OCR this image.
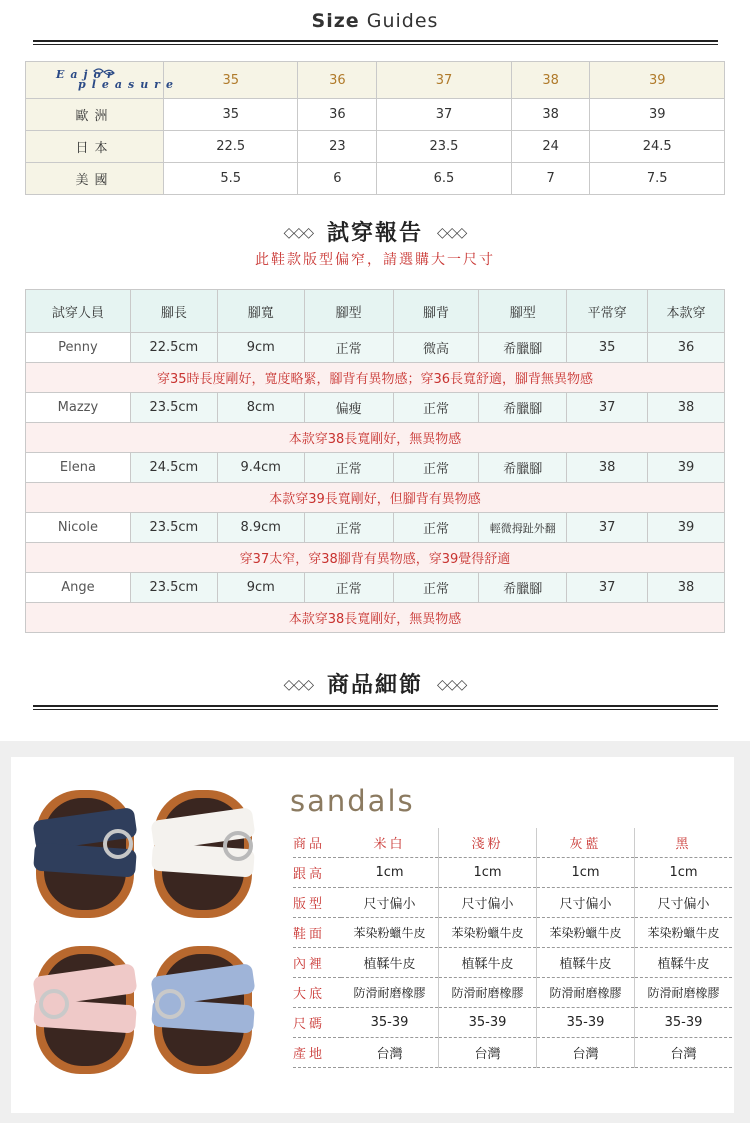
Size Guides
Eajor
pleasure	35	36	37	38	39
歐洲	35	36	37	38	39
日本	22.5	23	23.5	24	24.5
美國	5.5	6	6.5	7	7.5
◇◇◇ 試穿報告 ◇◇◇
此鞋款版型偏窄，請選購大一尺寸
試穿人員	腳長	腳寬	腳型	腳背	腳型	平常穿	本款穿
Penny	22.5cm	9cm	正常	微高	希臘腳	35	36
穿35時長度剛好，寬度略緊，腳背有異物感；穿36長寬舒適，腳背無異物感							
Mazzy	23.5cm	8cm	偏瘦	正常	希臘腳	37	38
本款穿38長寬剛好，無異物感							
Elena	24.5cm	9.4cm	正常	正常	希臘腳	38	39
本款穿39長寬剛好，但腳背有異物感							
Nicole	23.5cm	8.9cm	正常	正常	輕微拇趾外翻	37	39
穿37太窄，穿38腳背有異物感，穿39覺得舒適							
Ange	23.5cm	9cm	正常	正常	希臘腳	37	38
本款穿38長寬剛好，無異物感							
◇◇◇ 商品細節 ◇◇◇
sandals
商品	米白	淺粉	灰藍	黑
跟高	1cm	1cm	1cm	1cm
版型	尺寸偏小	尺寸偏小	尺寸偏小	尺寸偏小
鞋面	苯染粉蠟牛皮	苯染粉蠟牛皮	苯染粉蠟牛皮	苯染粉蠟牛皮
內裡	植鞣牛皮	植鞣牛皮	植鞣牛皮	植鞣牛皮
大底	防滑耐磨橡膠	防滑耐磨橡膠	防滑耐磨橡膠	防滑耐磨橡膠
尺碼	35-39	35-39	35-39	35-39
產地	台灣	台灣	台灣	台灣
